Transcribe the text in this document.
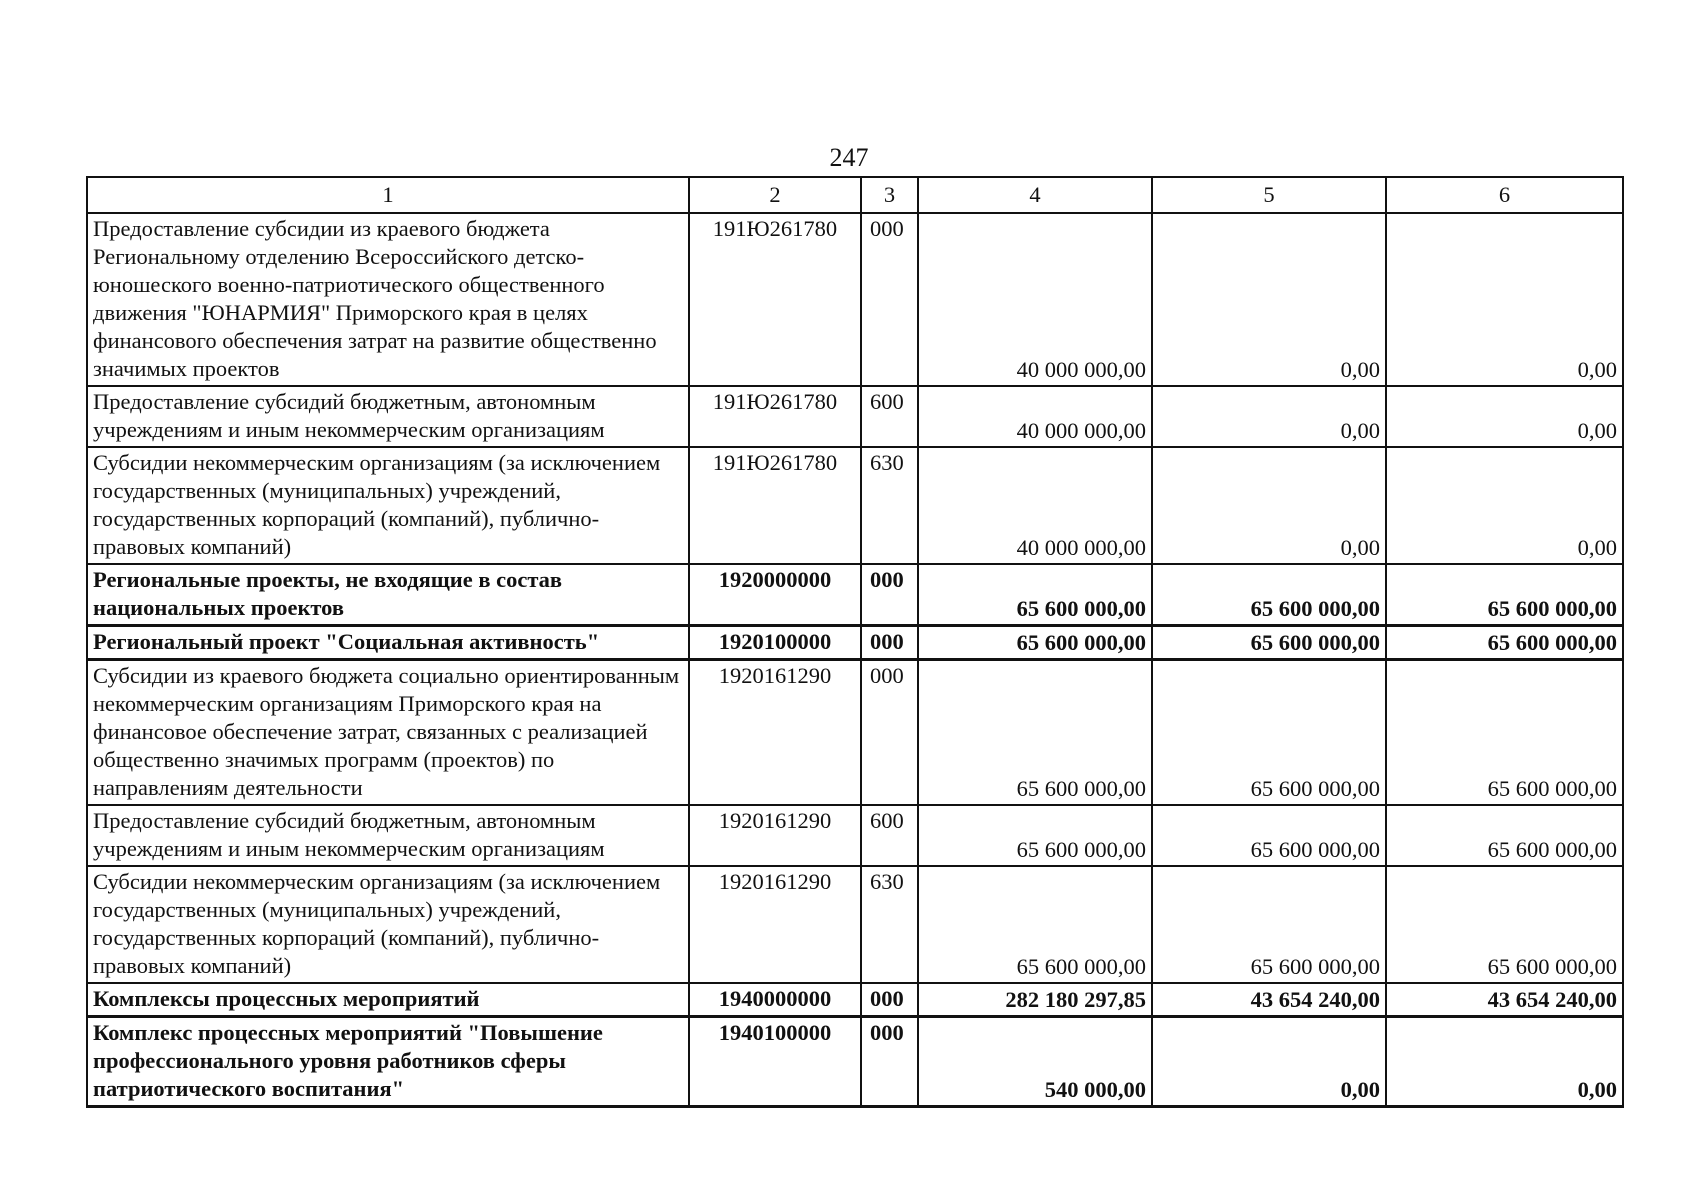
247
1	2	3	4	5	6
Предоставление субсидии из краевого бюджета Региональному отделению Всероссийского детско-юношеского военно-патриотического общественного движения "ЮНАРМИЯ" Приморского края в целях финансового обеспечения затрат на развитие общественно значимых проектов	191Ю261780	000	40 000 000,00	0,00	0,00
Предоставление субсидий бюджетным, автономным учреждениям и иным некоммерческим организациям	191Ю261780	600	40 000 000,00	0,00	0,00
Субсидии некоммерческим организациям (за исключением государственных (муниципальных) учреждений, государственных корпораций (компаний), публично-правовых компаний)	191Ю261780	630	40 000 000,00	0,00	0,00
Региональные проекты, не входящие в состав национальных проектов	1920000000	000	65 600 000,00	65 600 000,00	65 600 000,00
Региональный проект "Социальная активность"	1920100000	000	65 600 000,00	65 600 000,00	65 600 000,00
Субсидии из краевого бюджета социально ориентированным некоммерческим организациям Приморского края на финансовое обеспечение затрат, связанных с реализацией общественно значимых программ (проектов) по направлениям деятельности	1920161290	000	65 600 000,00	65 600 000,00	65 600 000,00
Предоставление субсидий бюджетным, автономным учреждениям и иным некоммерческим организациям	1920161290	600	65 600 000,00	65 600 000,00	65 600 000,00
Субсидии некоммерческим организациям (за исключением государственных (муниципальных) учреждений, государственных корпораций (компаний), публично-правовых компаний)	1920161290	630	65 600 000,00	65 600 000,00	65 600 000,00
Комплексы процессных мероприятий	1940000000	000	282 180 297,85	43 654 240,00	43 654 240,00
Комплекс процессных мероприятий "Повышение профессионального уровня работников сферы патриотического воспитания"	1940100000	000	540 000,00	0,00	0,00
